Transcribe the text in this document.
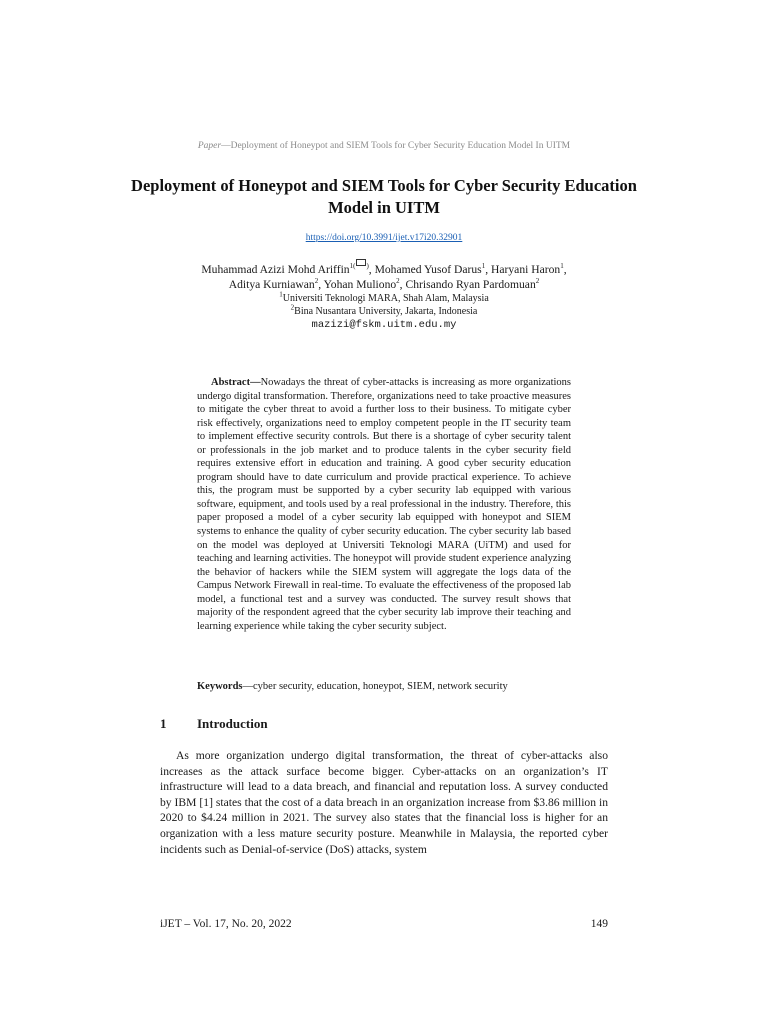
Paper—Deployment of Honeypot and SIEM Tools for Cyber Security Education Model In UITM
Deployment of Honeypot and SIEM Tools for Cyber Security Education Model in UITM
https://doi.org/10.3991/ijet.v17i20.32901
Muhammad Azizi Mohd Ariffin$^{1( )}$, Mohamed Yusof Darus$^1$, Haryani Haron$^1$,
Aditya Kurniawan$^2$, Yohan Muliono$^2$, Chrisando Ryan Pardomuan$^2$
$^1$Universiti Teknologi MARA, Shah Alam, Malaysia
$^2$Bina Nusantara University, Jakarta, Indonesia
mazizi@fskm.uitm.edu.my
Abstract—Nowadays the threat of cyber-attacks is increasing as more organizations undergo digital transformation. Therefore, organizations need to take proactive measures to mitigate the cyber threat to avoid a further loss to their business. To mitigate cyber risk effectively, organizations need to employ competent people in the IT security team to implement effective security controls. But there is a shortage of cyber security talent or professionals in the job market and to produce talents in the cyber security field requires extensive effort in education and training. A good cyber security education program should have to date curriculum and provide practical experience. To achieve this, the program must be supported by a cyber security lab equipped with various software, equipment, and tools used by a real professional in the industry. Therefore, this paper proposed a model of a cyber security lab equipped with honeypot and SIEM systems to enhance the quality of cyber security education. The cyber security lab based on the model was deployed at Universiti Teknologi MARA (UiTM) and used for teaching and learning activities. The honeypot will provide student experience analyzing the behavior of hackers while the SIEM system will aggregate the logs data of the Campus Network Firewall in real-time. To evaluate the effectiveness of the proposed lab model, a functional test and a survey was conducted. The survey result shows that majority of the respondent agreed that the cyber security lab improve their teaching and learning experience while taking the cyber security subject.
Keywords—cyber security, education, honeypot, SIEM, network security
1 Introduction
As more organization undergo digital transformation, the threat of cyber-attacks also increases as the attack surface become bigger. Cyber-attacks on an organization’s IT infrastructure will lead to a data breach, and financial and reputation loss. A survey conducted by IBM [1] states that the cost of a data breach in an organization increase from $3.86 million in 2020 to $4.24 million in 2021. The survey also states that the financial loss is higher for an organization with a less mature security posture. Meanwhile in Malaysia, the reported cyber incidents such as Denial-of-service (DoS) attacks, system
iJET – Vol. 17, No. 20, 2022	149
